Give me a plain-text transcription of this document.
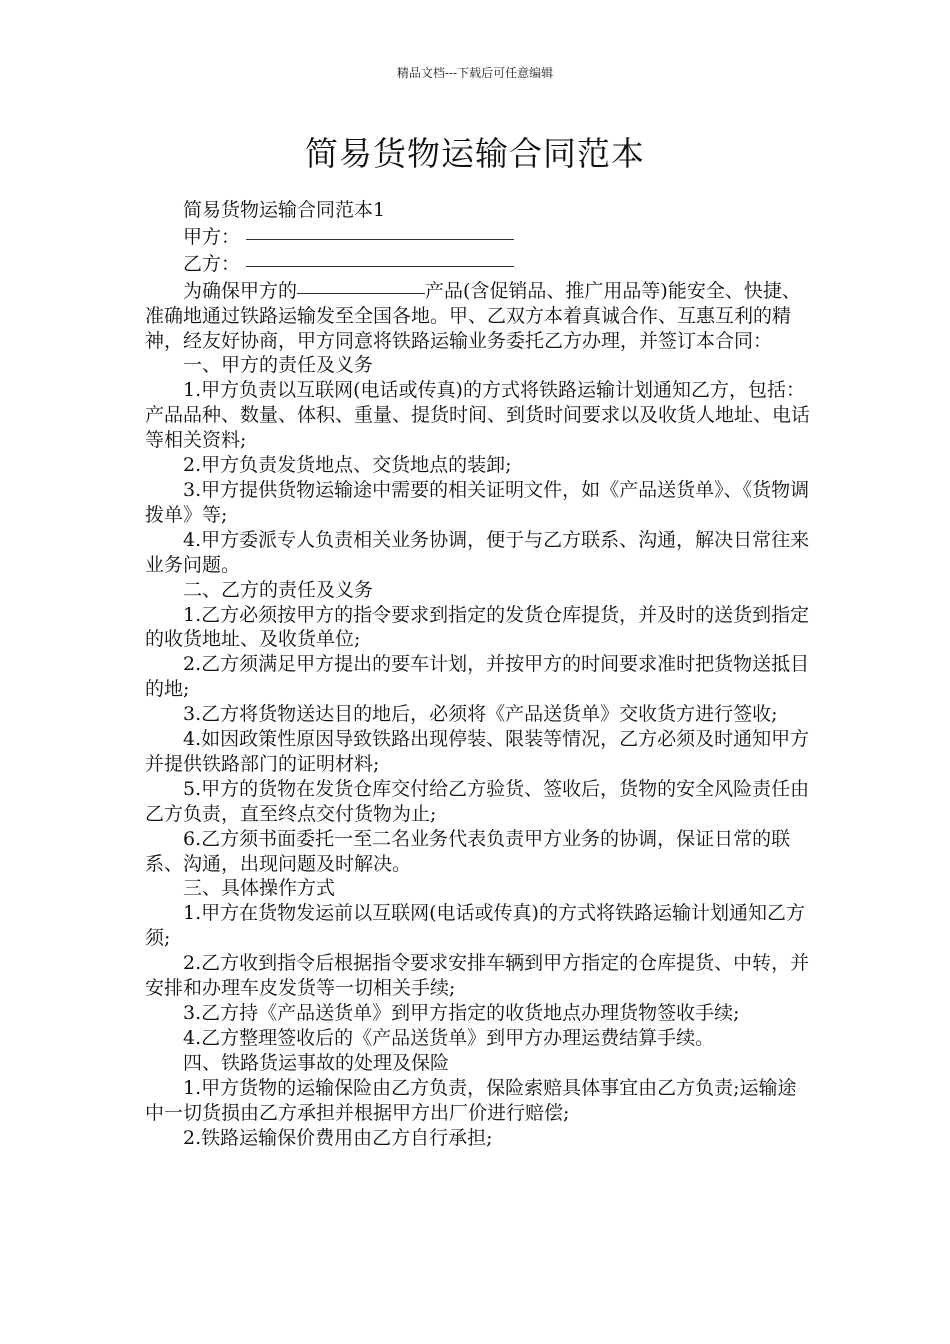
精品文档---下载后可任意编辑
简易货物运输合同范本

简易货物运输合同范本1

甲方：

乙方：

为确保甲方的	产品(含促销品、推广用品等)能安全、快捷、准确地通过铁路运输发至全国各地。甲、乙双方本着真诚合作、互惠互利的精神，经友好协商，甲方同意将铁路运输业务委托乙方办理，并签订本合同：

一、甲方的责任及义务

1.甲方负责以互联网(电话或传真)的方式将铁路运输计划通知乙方，包括：产品品种、数量、体积、重量、提货时间、到货时间要求以及收货人地址、电话等相关资料;

2.甲方负责发货地点、交货地点的装卸;

3.甲方提供货物运输途中需要的相关证明文件，如《产品送货单》、《货物调拨单》等;

4.甲方委派专人负责相关业务协调，便于与乙方联系、沟通，解决日常往来业务问题。

二、乙方的责任及义务

1.乙方必须按甲方的指令要求到指定的发货仓库提货，并及时的送货到指定的收货地址、及收货单位;

2.乙方须满足甲方提出的要车计划，并按甲方的时间要求准时把货物送抵目的地;

3.乙方将货物送达目的地后，必须将《产品送货单》交收货方进行签收;

4.如因政策性原因导致铁路出现停装、限装等情况，乙方必须及时通知甲方并提供铁路部门的证明材料;

5.甲方的货物在发货仓库交付给乙方验货、签收后，货物的安全风险责任由乙方负责，直至终点交付货物为止;

6.乙方须书面委托一至二名业务代表负责甲方业务的协调，保证日常的联系、沟通，出现问题及时解决。

三、具体操作方式

1.甲方在货物发运前以互联网(电话或传真)的方式将铁路运输计划通知乙方须;

2.乙方收到指令后根据指令要求安排车辆到甲方指定的仓库提货、中转，并安排和办理车皮发货等一切相关手续;

3.乙方持《产品送货单》到甲方指定的收货地点办理货物签收手续;

4.乙方整理签收后的《产品送货单》到甲方办理运费结算手续。

四、铁路货运事故的处理及保险

1.甲方货物的运输保险由乙方负责，保险索赔具体事宜由乙方负责;运输途中一切货损由乙方承担并根据甲方出厂价进行赔偿;

2.铁路运输保价费用由乙方自行承担;
